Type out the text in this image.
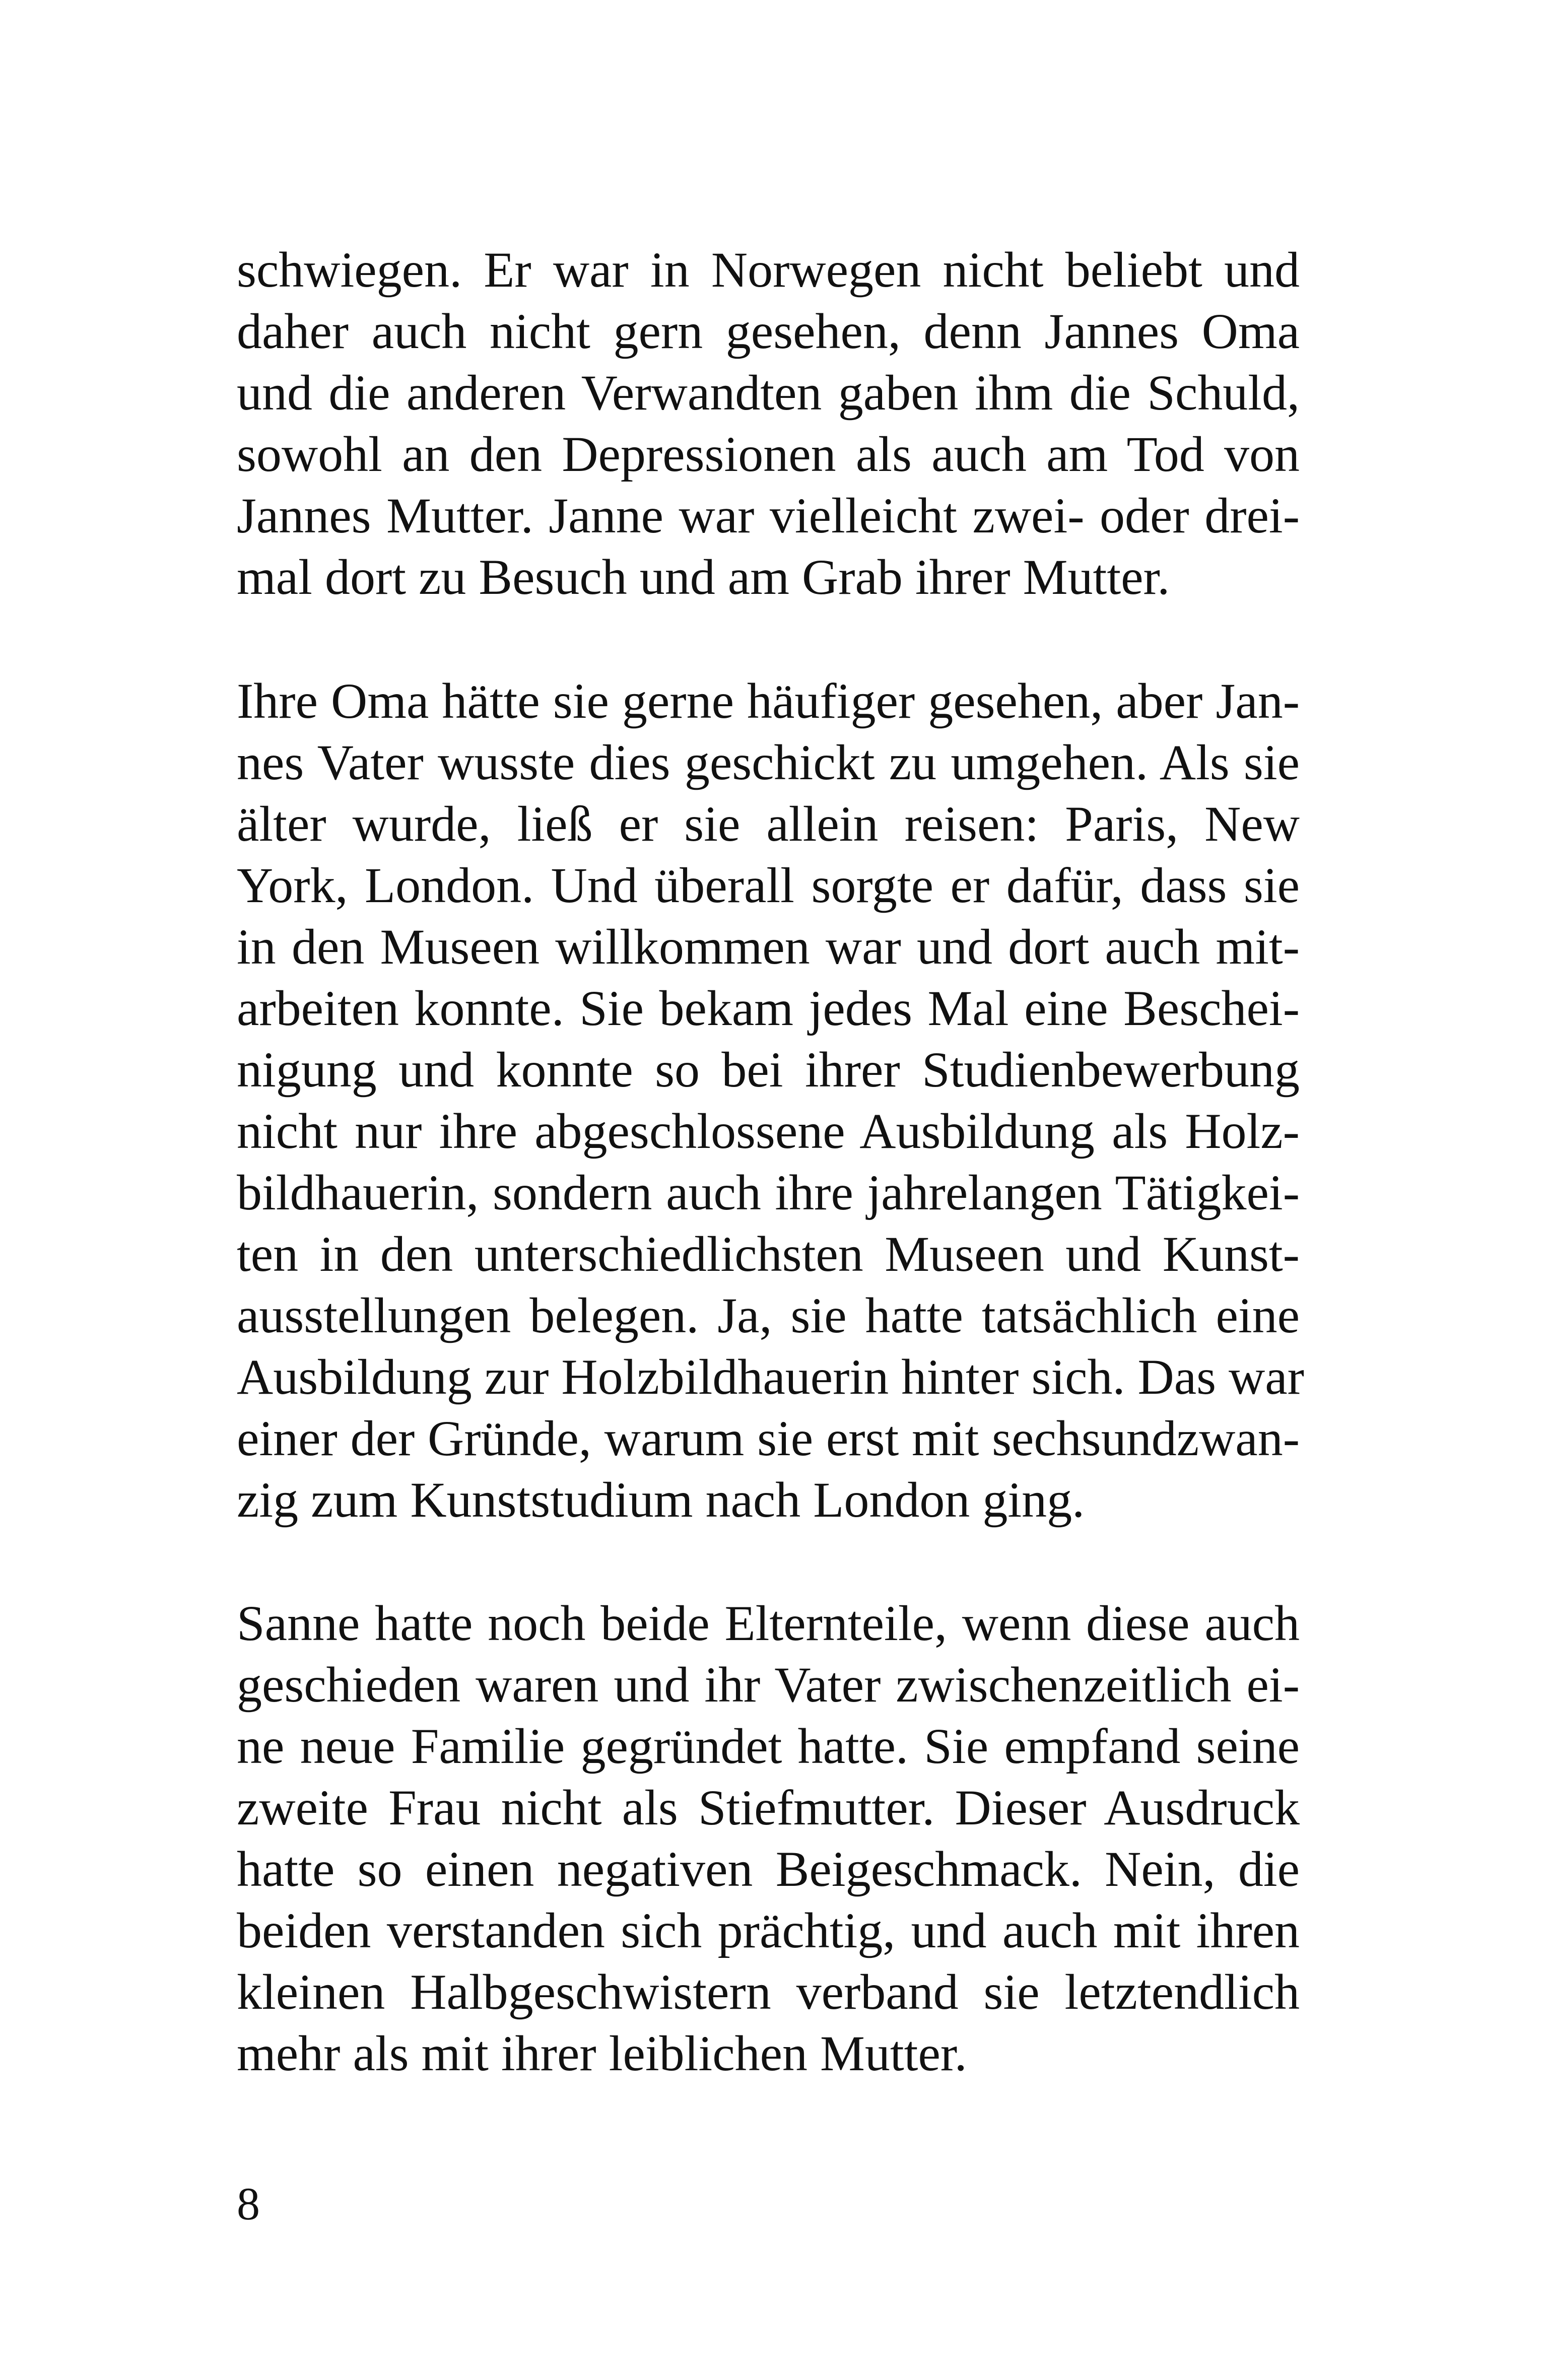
schwiegen. Er war in Norwegen nicht beliebt und
daher auch nicht gern gesehen, denn Jannes Oma
und die anderen Verwandten gaben ihm die Schuld,
sowohl an den Depressionen als auch am Tod von
Jannes Mutter. Janne war vielleicht zwei- oder drei-
mal dort zu Besuch und am Grab ihrer Mutter.
Ihre Oma hätte sie gerne häufiger gesehen, aber Jan-
nes Vater wusste dies geschickt zu umgehen. Als sie
älter wurde, ließ er sie allein reisen: Paris, New
York, London. Und überall sorgte er dafür, dass sie
in den Museen willkommen war und dort auch mit-
arbeiten konnte. Sie bekam jedes Mal eine Beschei-
nigung und konnte so bei ihrer Studienbewerbung
nicht nur ihre abgeschlossene Ausbildung als Holz-
bildhauerin, sondern auch ihre jahrelangen Tätigkei-
ten in den unterschiedlichsten Museen und Kunst-
ausstellungen belegen. Ja, sie hatte tatsächlich eine
Ausbildung zur Holzbildhauerin hinter sich. Das war
einer der Gründe, warum sie erst mit sechsundzwan-
zig zum Kunststudium nach London ging.
Sanne hatte noch beide Elternteile, wenn diese auch
geschieden waren und ihr Vater zwischenzeitlich ei-
ne neue Familie gegründet hatte. Sie empfand seine
zweite Frau nicht als Stiefmutter. Dieser Ausdruck
hatte so einen negativen Beigeschmack. Nein, die
beiden verstanden sich prächtig, und auch mit ihren
kleinen Halbgeschwistern verband sie letztendlich
mehr als mit ihrer leiblichen Mutter.
8
